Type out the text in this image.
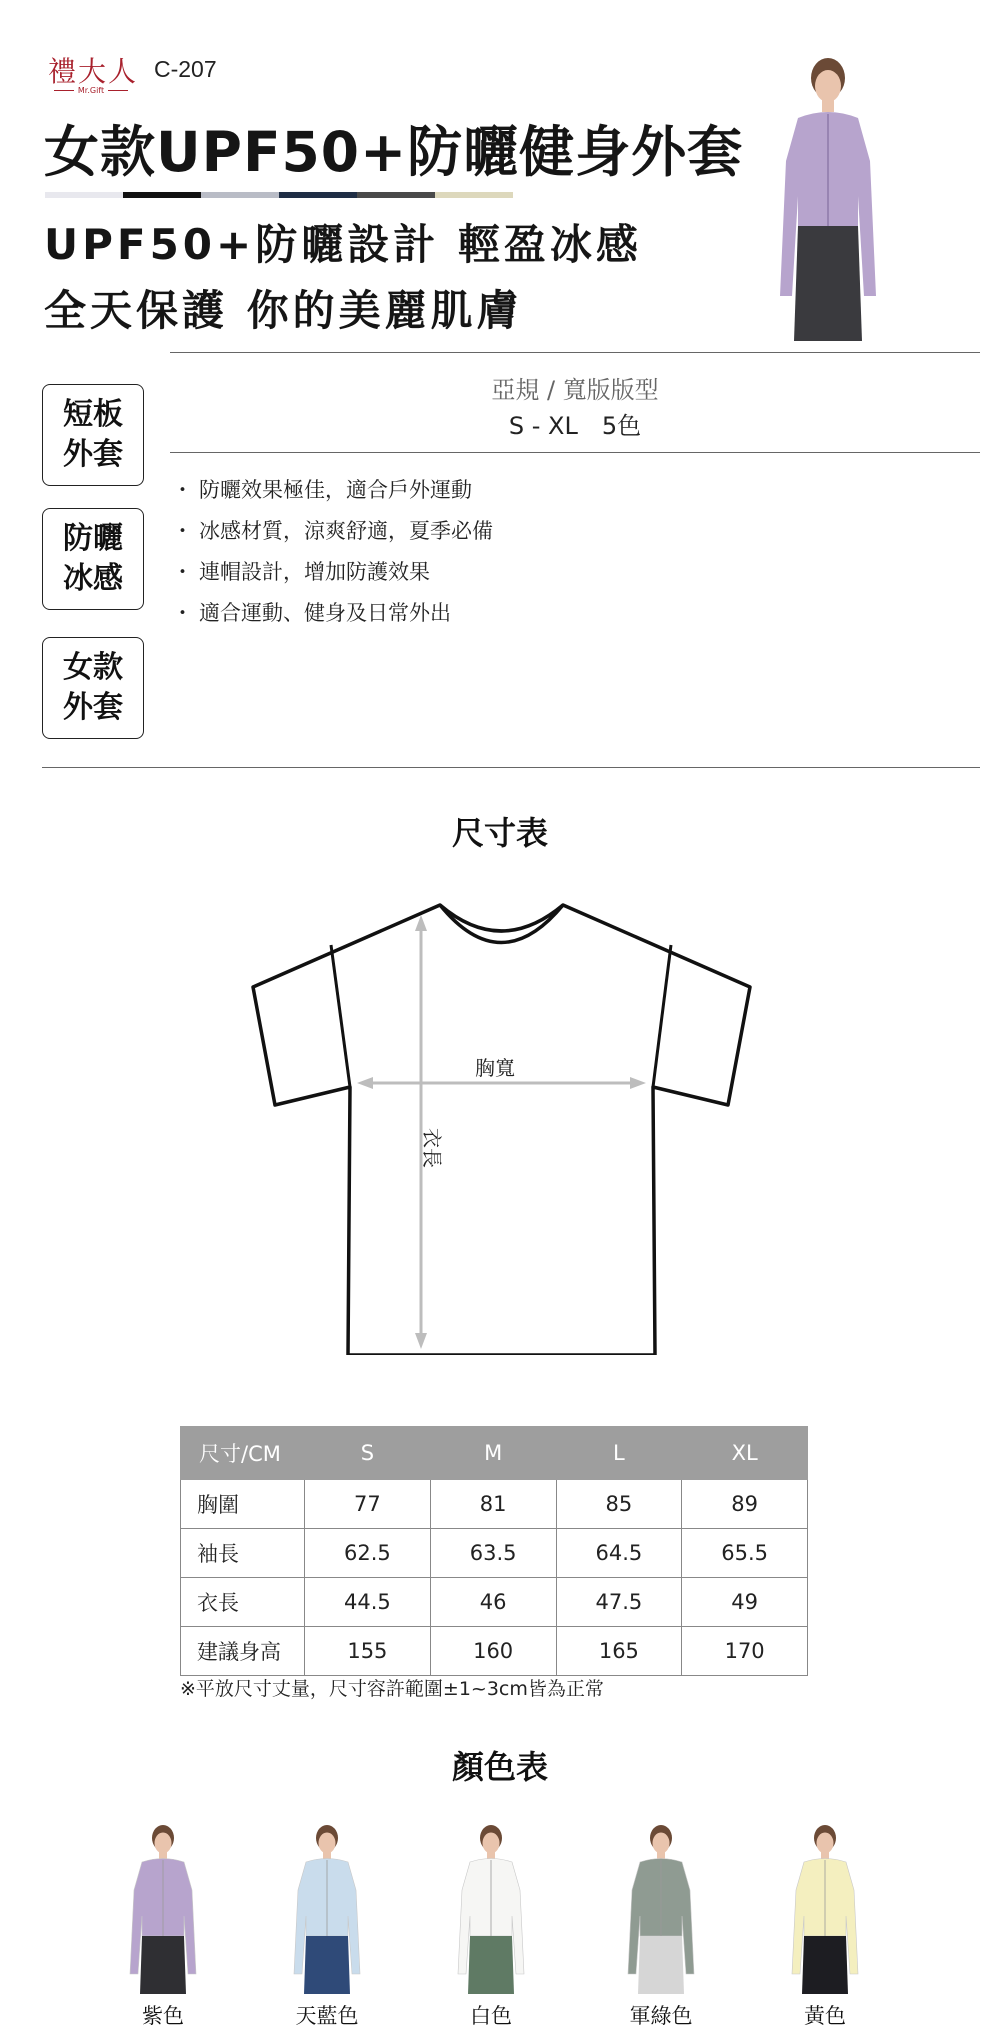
禮大人
Mr.Gift
C-207
女款UPF50+防曬健身外套
UPF50+防曬設計 輕盈冰感
全天保護 你的美麗肌膚
短板
外套
防曬
冰感
女款
外套
亞規 / 寬版版型
S - XL　5色
・ 防曬效果極佳，適合戶外運動
・ 冰感材質，涼爽舒適，夏季必備
・ 連帽設計，增加防護效果
・ 適合運動、健身及日常外出
尺寸表
胸寬
衣長
尺寸/CM	S	M	L	XL
胸圍	77	81	85	89
袖長	62.5	63.5	64.5	65.5
衣長	44.5	46	47.5	49
建議身高	155	160	165	170
※平放尺寸丈量，尺寸容許範圍±1~3cm皆為正常
顏色表
紫色	天藍色	白色	軍綠色	黃色
